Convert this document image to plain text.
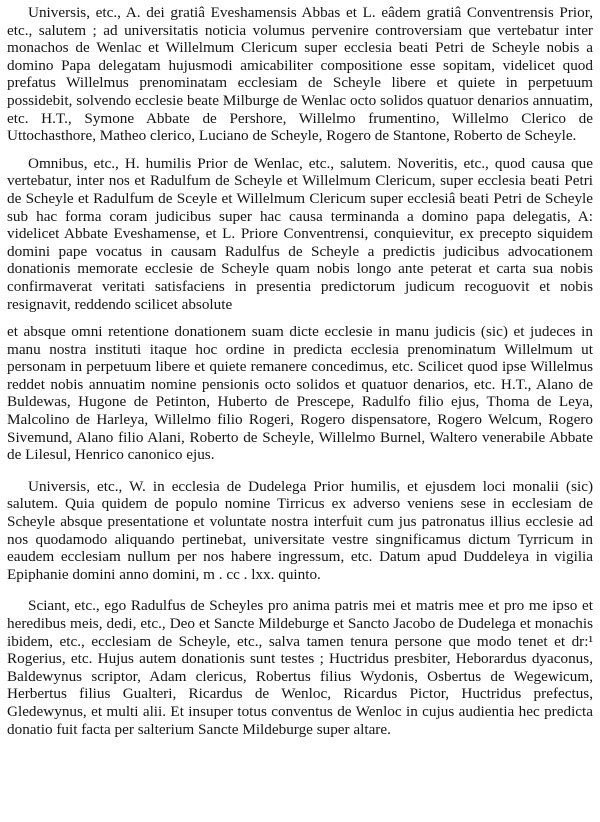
Universis, etc., A. dei gratiâ Eveshamensis Abbas et L. eâdem gratiâ Conventrensis Prior, etc., salutem ; ad universitatis noticia volumus pervenire controversiam que vertebatur inter monachos de Wenlac et Willelmum Clericum super ecclesia beati Petri de Scheyle nobis a domino Papa delegatam hujusmodi amicabiliter compositione esse sopitam, videlicet quod prefatus Willelmus prenominatam ecclesiam de Scheyle libere et quiete in perpetuum possidebit, solvendo ecclesie beate Milburge de Wenlac octo solidos quatuor denarios annuatim, etc. H.T., Symone Abbate de Pershore, Willelmo frumentino, Willelmo Clerico de Uttochasthore, Matheo clerico, Luciano de Scheyle, Rogero de Stantone, Roberto de Scheyle.

Omnibus, etc., H. humilis Prior de Wenlac, etc., salutem. Noveritis, etc., quod causa que vertebatur, inter nos et Radulfum de Scheyle et Willelmum Clericum, super ecclesia beati Petri de Scheyle et Radulfum de Sceyle et Willelmum Clericum super ecclesiâ beati Petri de Scheyle sub hac forma coram judicibus super hac causa terminanda a domino papa delegatis, A: videlicet Abbate Eveshamense, et L. Priore Conventrensi, conquievitur, ex precepto siquidem domini pape vocatus in causam Radulfus de Scheyle a predictis judicibus advocationem donationis memorate ecclesie de Scheyle quam nobis longo ante peterat et carta sua nobis confirmaverat veritati satisfaciens in presentia predictorum judicum recoguovit et nobis resignavit, reddendo scilicet absolute

et absque omni retentione donationem suam dicte ecclesie in manu judicis (sic) et judeces in manu nostra instituti itaque hoc ordine in predicta ecclesia prenominatum Willelmum ut personam in perpetuum libere et quiete remanere concedimus, etc. Scilicet quod ipse Willelmus reddet nobis annuatim nomine pensionis octo solidos et quatuor denarios, etc. H.T., Alano de Buldewas, Hugone de Petinton, Huberto de Prescepe, Radulfo filio ejus, Thoma de Leya, Malcolino de Harleya, Willelmo filio Rogeri, Rogero dispensatore, Rogero Welcum, Rogero Sivemund, Alano filio Alani, Roberto de Scheyle, Willelmo Burnel, Waltero venerabile Abbate de Lilesul, Henrico canonico ejus.

Universis, etc., W. in ecclesia de Dudelega Prior humilis, et ejusdem loci monalii (sic) salutem. Quia quidem de populo nomine Tirricus ex adverso veniens sese in ecclesiam de Scheyle absque presentatione et voluntate nostra interfuit cum jus patronatus illius ecclesie ad nos quodamodo aliquando pertinebat, universitate vestre singnificamus dictum Tyrricum in eaudem ecclesiam nullum per nos habere ingressum, etc. Datum apud Duddeleya in vigilia Epiphanie domini anno domini, m . cc . lxx. quinto.

Sciant, etc., ego Radulfus de Scheyles pro anima patris mei et matris mee et pro me ipso et heredibus meis, dedi, etc., Deo et Sancte Mildeburge et Sancto Jacobo de Dudelega et monachis ibidem, etc., ecclesiam de Scheyle, etc., salva tamen tenura persone que modo tenet et dr:¹ Rogerius, etc. Hujus autem donationis sunt testes ; Huctridus presbiter, Heborardus dyaconus, Baldewynus scriptor, Adam clericus, Robertus filius Wydonis, Osbertus de Wegewicum, Herbertus filius Gualteri, Ricardus de Wenloc, Ricardus Pictor, Huctridus prefectus, Gledewynus, et multi alii. Et insuper totus conventus de Wenloc in cujus audientia hec predicta donatio fuit facta per salterium Sancte Mildeburge super altare.
